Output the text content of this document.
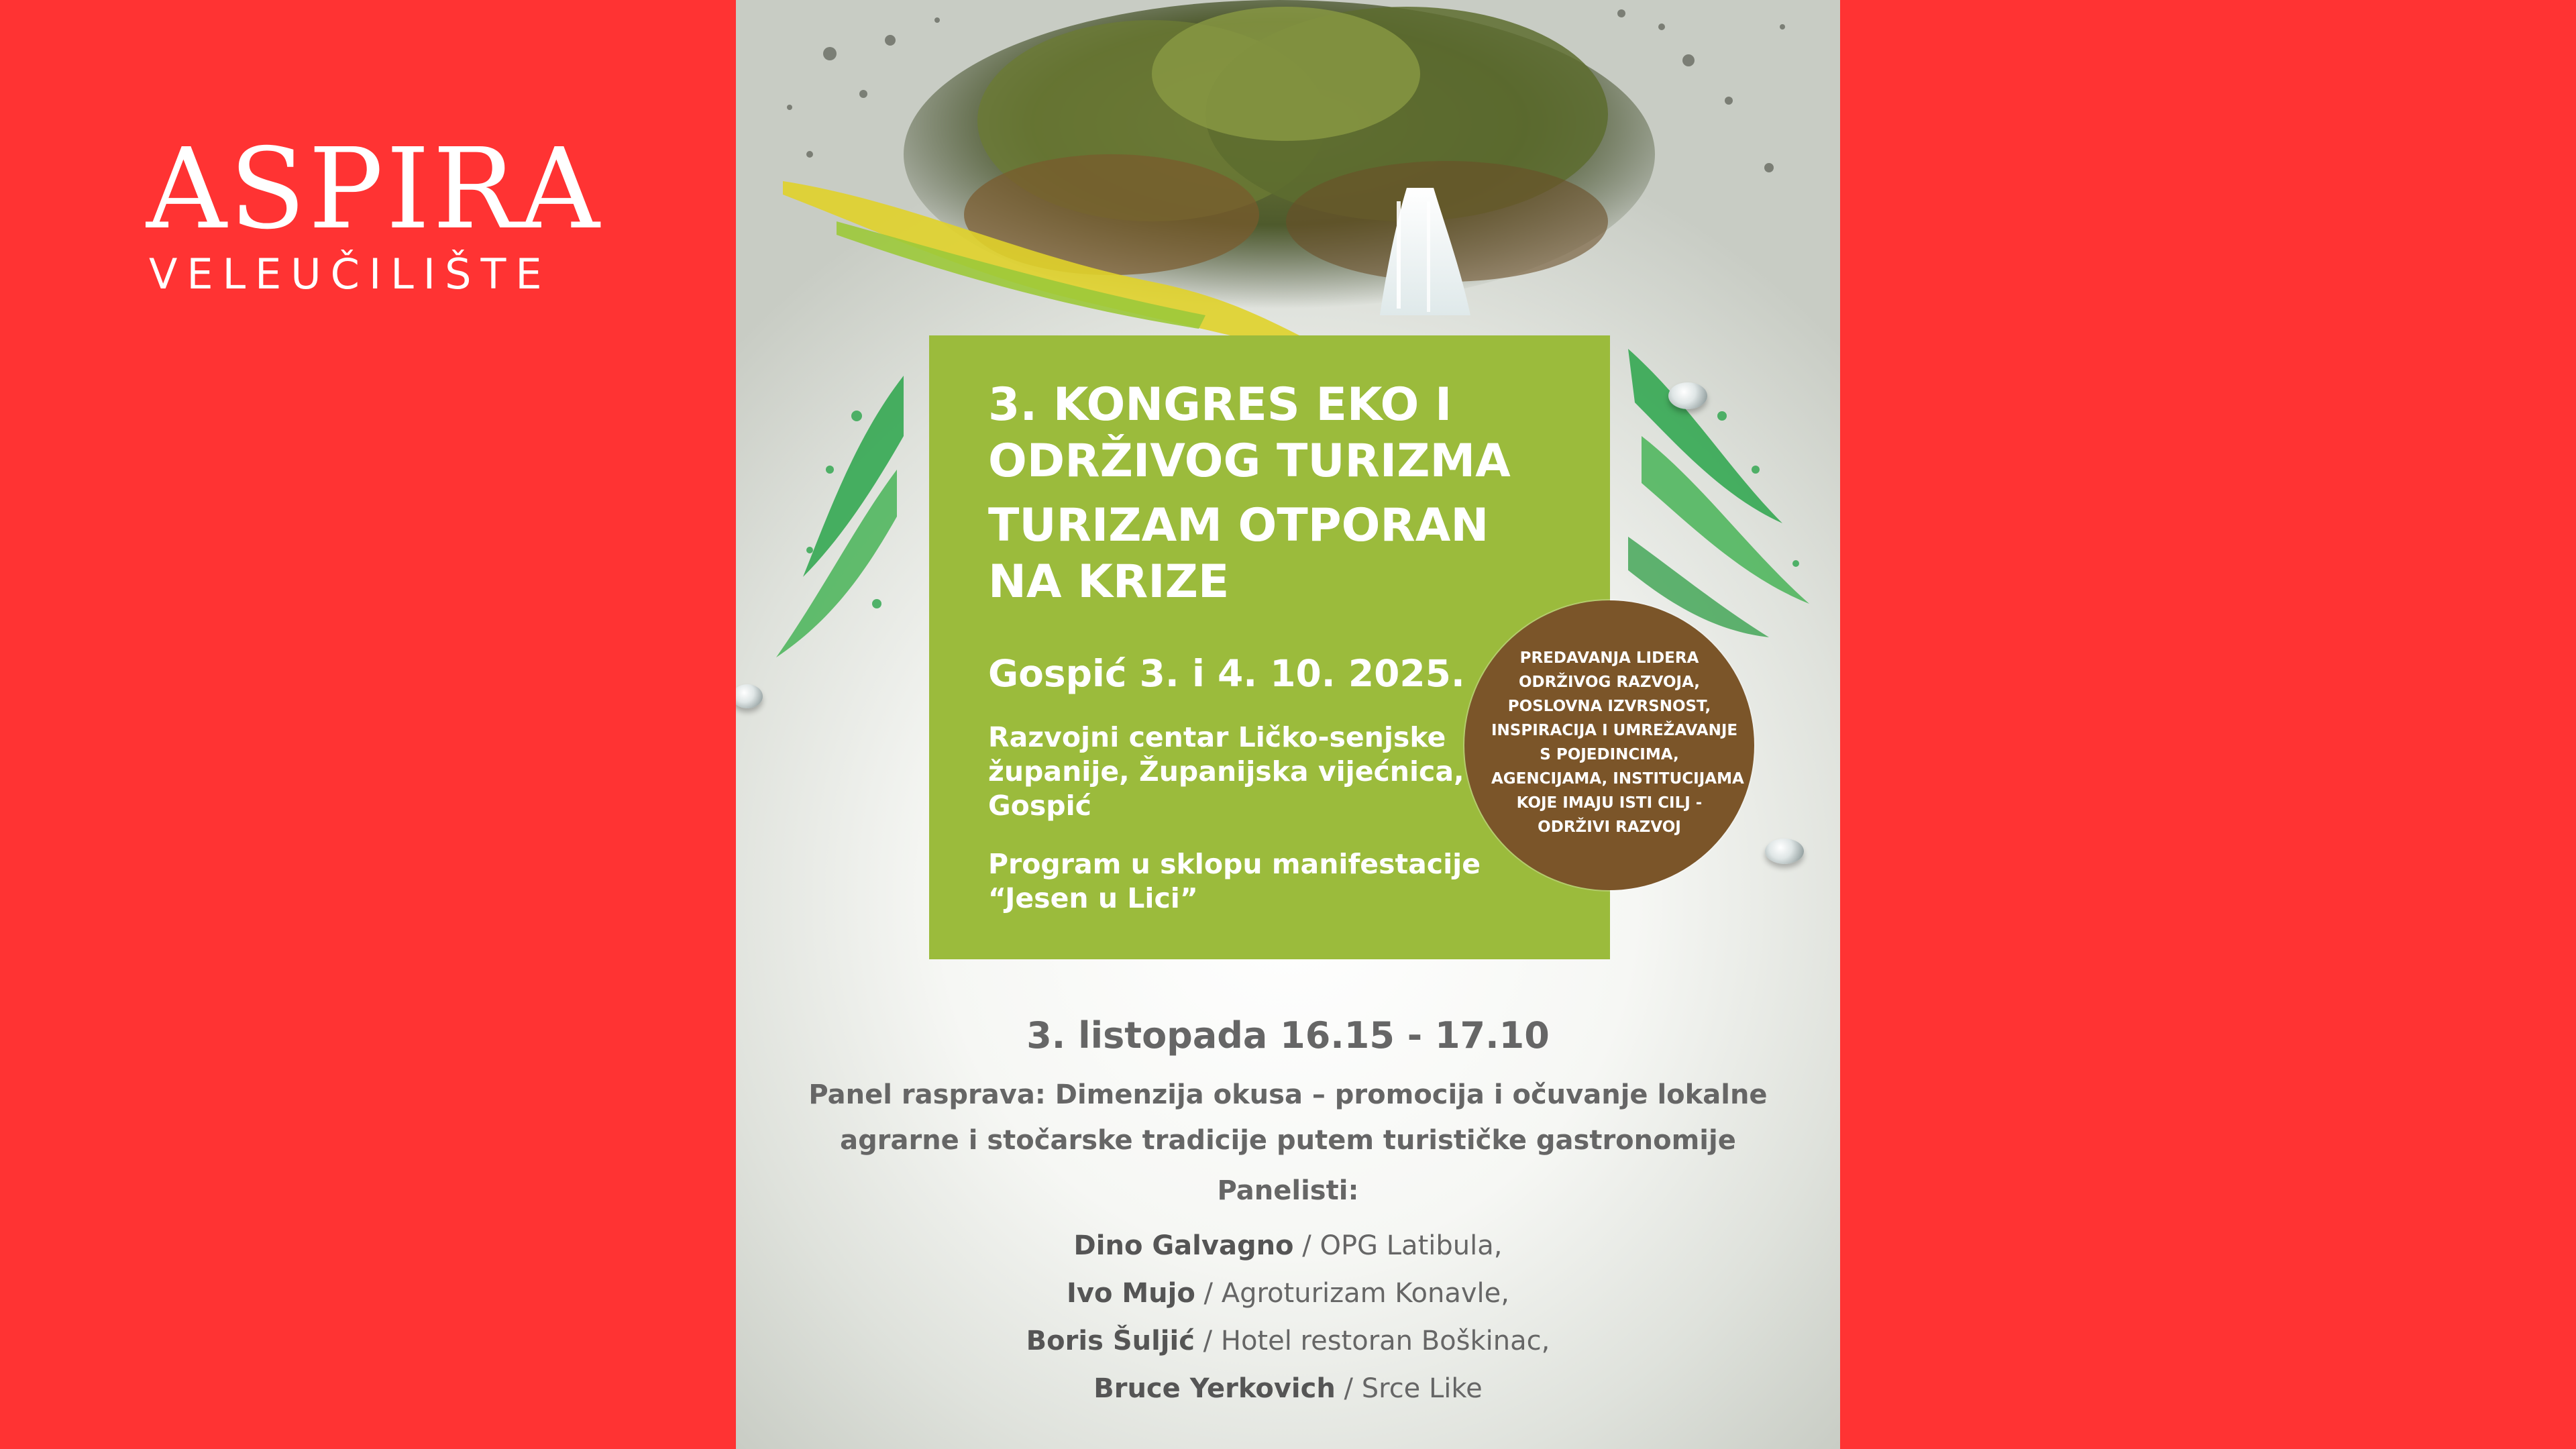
ASPIRA
VELEUČILIŠTE
3. KONGRES EKO I
ODRŽIVOG TURIZMA
TURIZAM OTPORAN
NA KRIZE
Gospić 3. i 4. 10. 2025.
Razvojni centar Ličko-senjske
županije, Županijska vijećnica,
Gospić
Program u sklopu manifestacije
“Jesen u Lici”
PREDAVANJA LIDERA
ODRŽIVOG RAZVOJA,
POSLOVNA IZVRSNOST,
INSPIRACIJA I UMREŽAVANJE
S POJEDINCIMA,
AGENCIJAMA, INSTITUCIJAMA
KOJE IMAJU ISTI CILJ -
ODRŽIVI RAZVOJ
3. listopada 16.15 - 17.10
Panel rasprava: Dimenzija okusa – promocija i očuvanje lokalne
agrarne i stočarske tradicije putem turističke gastronomije
Panelisti:
Dino Galvagno / OPG Latibula,
Ivo Mujo / Agroturizam Konavle,
Boris Šuljić / Hotel restoran Boškinac,
Bruce Yerkovich / Srce Like
